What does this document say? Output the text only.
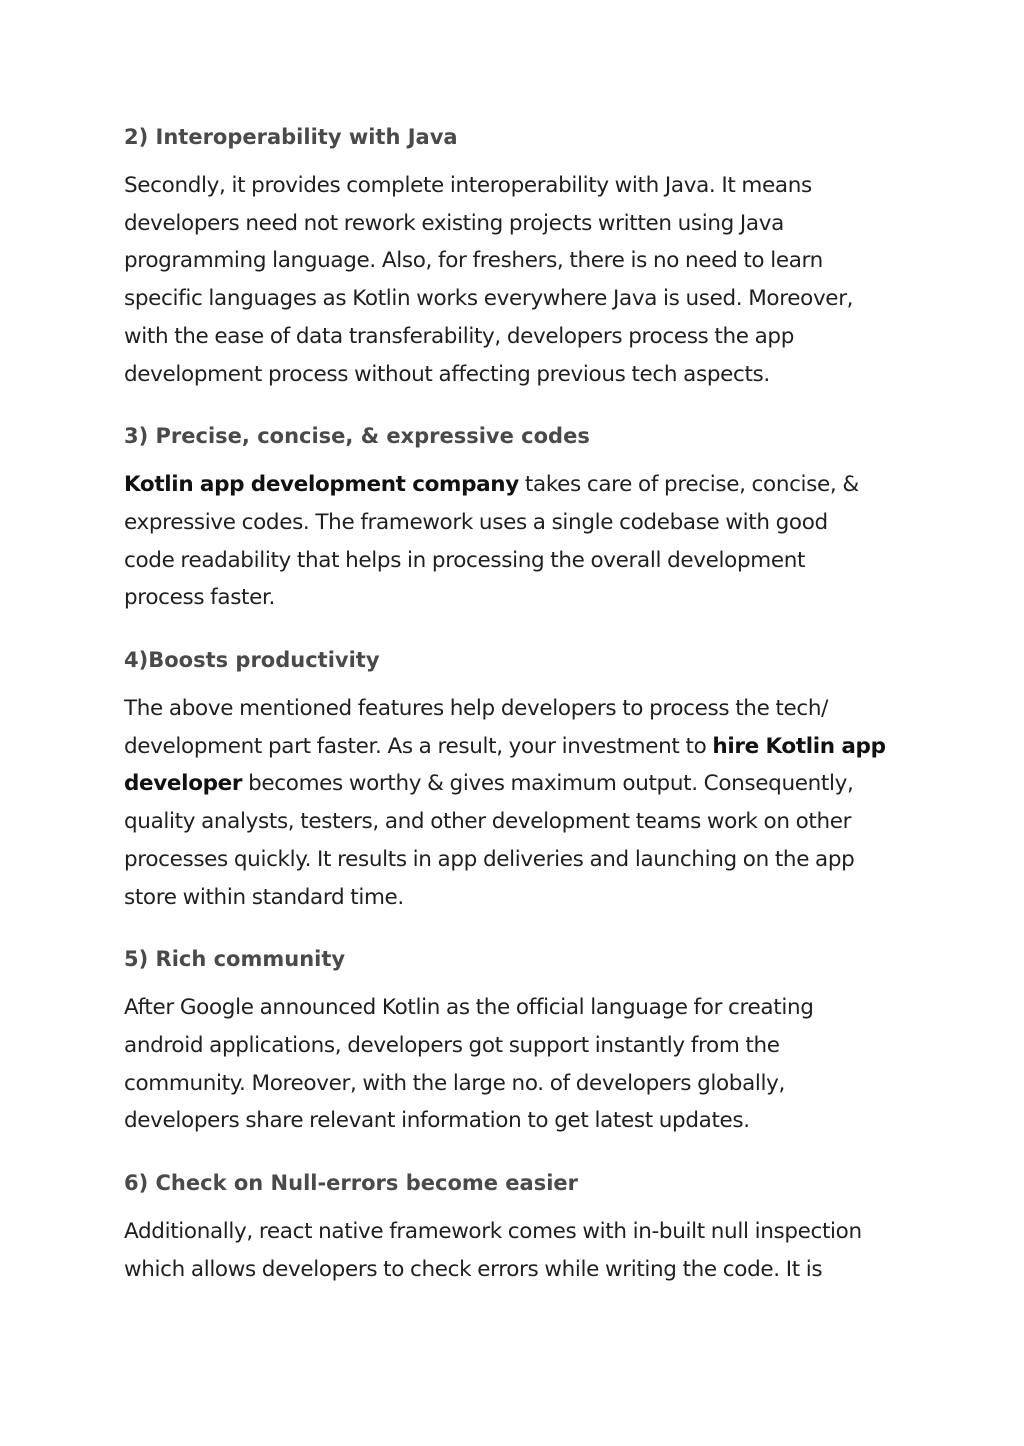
2) Interoperability with Java
Secondly, it provides complete interoperability with Java. It means
developers need not rework existing projects written using Java
programming language. Also, for freshers, there is no need to learn
specific languages as Kotlin works everywhere Java is used. Moreover,
with the ease of data transferability, developers process the app
development process without affecting previous tech aspects.
3) Precise, concise, & expressive codes
Kotlin app development company takes care of precise, concise, &
expressive codes. The framework uses a single codebase with good
code readability that helps in processing the overall development
process faster.
4)Boosts productivity
The above mentioned features help developers to process the tech/
development part faster. As a result, your investment to hire Kotlin app
developer becomes worthy & gives maximum output. Consequently,
quality analysts, testers, and other development teams work on other
processes quickly. It results in app deliveries and launching on the app
store within standard time.
5) Rich community
After Google announced Kotlin as the official language for creating
android applications, developers got support instantly from the
community. Moreover, with the large no. of developers globally,
developers share relevant information to get latest updates.
6) Check on Null-errors become easier
Additionally, react native framework comes with in-built null inspection
which allows developers to check errors while writing the code. It is
